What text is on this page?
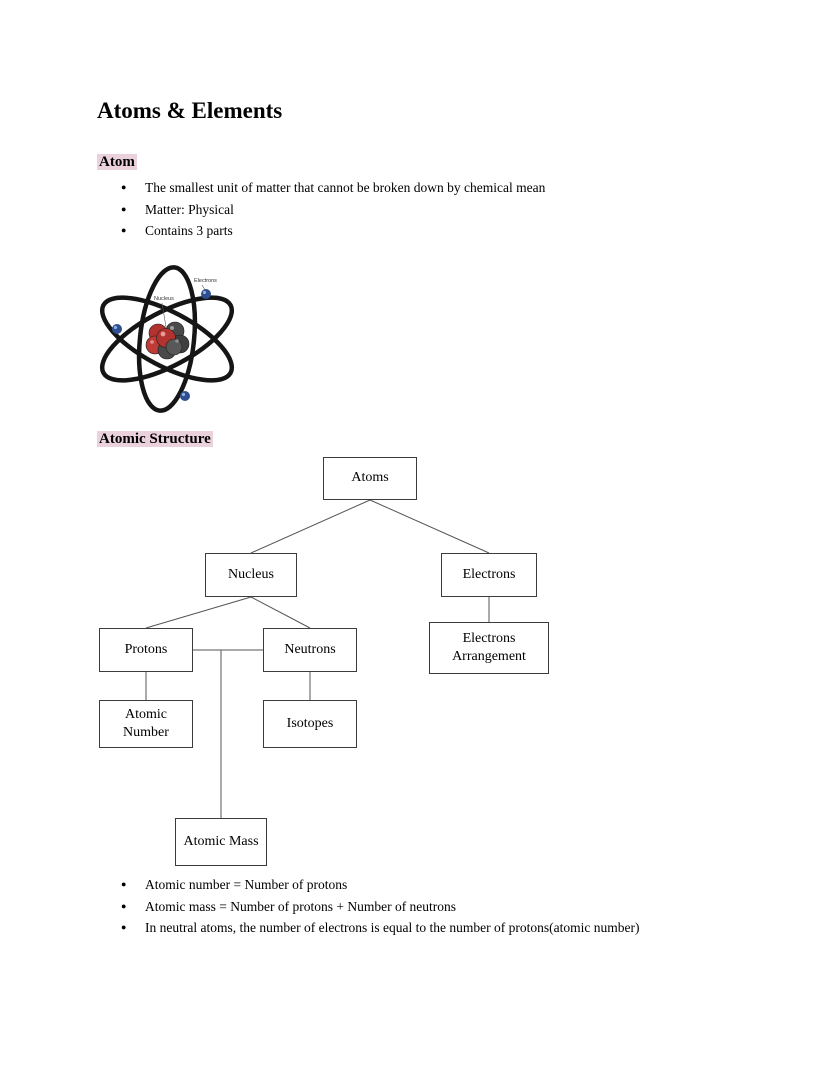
Atoms & Elements
Atom
● The smallest unit of matter that cannot be broken down by chemical mean
● Matter: Physical
● Contains 3 parts
Nucleus
Electrons
Atomic Structure
Atoms
Nucleus	Electrons
Protons	Neutrons
Electrons Arrangement
Atomic Number
Isotopes
Atomic Mass
● Atomic number = Number of protons
● Atomic mass = Number of protons + Number of neutrons
● In neutral atoms, the number of electrons is equal to the number of protons(atomic number)
